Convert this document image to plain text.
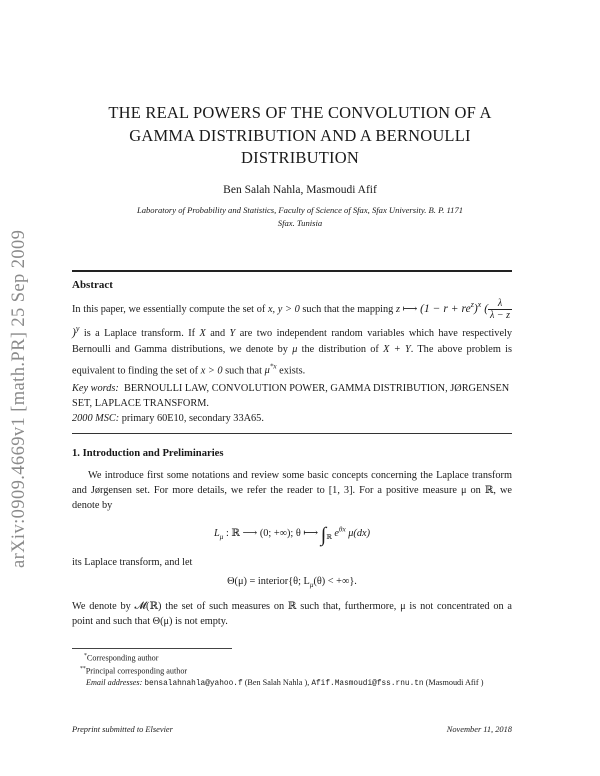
arXiv:0909.4669v1 [math.PR] 25 Sep 2009
THE REAL POWERS OF THE CONVOLUTION OF A
GAMMA DISTRIBUTION AND A BERNOULLI
DISTRIBUTION
Ben Salah Nahla, Masmoudi Afif
Laboratory of Probability and Statistics, Faculty of Science of Sfax, Sfax University. B. P. 1171
Sfax. Tunisia
Abstract
In this paper, we essentially compute the set of x, y > 0 such that the mapping z ⟼ $(1 - r + re^z)^x$ ( $\frac{\lambda}{\lambda - z}$
)$^y$ is a Laplace transform. If X and Y are two independent random variables which have respectively Bernoulli and Gamma distributions, we denote by μ the distribution of X + Y. The above problem is equivalent to finding the set of x > 0 such that $\mu^{*x}$ exists.
Key words: BERNOULLI LAW, CONVOLUTION POWER, GAMMA DISTRIBUTION, JØRGENSEN SET, LAPLACE TRANSFORM.
2000 MSC: primary 60E10, secondary 33A65.
1. Introduction and Preliminaries
We introduce first some notations and review some basic concepts concerning the Laplace transform and Jørgensen set. For more details, we refer the reader to [1, 3]. For a positive measure μ on ℝ, we denote by
$L_\mu$ : ℝ ⟶ (0; +∞); θ ⟼ $\int_ℝ$ $e^{\theta x}$ μ(dx)
its Laplace transform, and let
Θ(μ) = interior{θ; $L_\mu(\theta)$ < +∞}.
We denote by 𝓜(ℝ) the set of such measures on ℝ such that, furthermore, μ is not concentrated on a point and such that Θ(μ) is not empty.
*Corresponding author
**Principal corresponding author
Email addresses: bensalahnahla@yahoo.f (Ben Salah Nahla ), Afif.Masmoudi@fss.rnu.tn (Masmoudi Afif )
Preprint submitted to Elsevier	November 11, 2018
